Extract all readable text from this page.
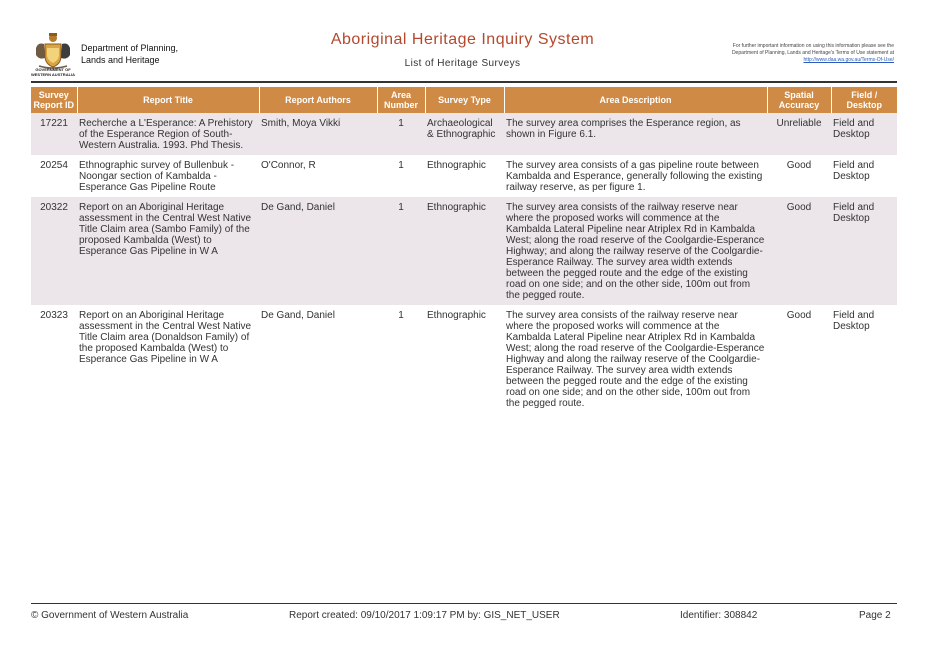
GOVERNMENT OF WESTERN AUSTRALIA
Department of Planning,
Lands and Heritage
Aboriginal Heritage Inquiry System
List of Heritage Surveys
For further important information on using this information please see the
Department of Planning, Lands and Heritage's Terms of Use statement at
http://www.daa.wa.gov.au/Terms-Of-Use/
Survey Report ID	Report Title	Report Authors	Area Number	Survey Type	Area Description	Spatial Accuracy	Field / Desktop
17221	Recherche a L'Esperance: A Prehistory of the Esperance Region of South-Western Australia. 1993. Phd Thesis.	Smith, Moya Vikki	1	Archaeological & Ethnographic	The survey area comprises the Esperance region, as shown in Figure 6.1.	Unreliable	Field and Desktop
20254	Ethnographic survey of Bullenbuk - Noongar section of Kambalda - Esperance Gas Pipeline Route	O'Connor, R	1	Ethnographic	The survey area consists of a gas pipeline route between Kambalda and Esperance, generally following the existing railway reserve, as per figure 1.	Good	Field and Desktop
20322	Report on an Aboriginal Heritage assessment in the Central West Native Title Claim area (Sambo Family) of the proposed Kambalda (West) to Esperance Gas Pipeline in W A	De Gand, Daniel	1	Ethnographic	The survey area consists of the railway reserve near where the proposed works will commence at the Kambalda Lateral Pipeline near Atriplex Rd in Kambalda West; along the road reserve of the Coolgardie-Esperance Highway; and along the railway reserve of the Coolgardie-Esperance Railway. The survey area width extends between the pegged route and the edge of the existing road on one side; and on the other side, 100m out from the pegged route.	Good	Field and Desktop
20323	Report on an Aboriginal Heritage assessment in the Central West Native Title Claim area (Donaldson Family) of the proposed Kambalda (West) to Esperance Gas Pipeline in W A	De Gand, Daniel	1	Ethnographic	The survey area consists of the railway reserve near where the proposed works will commence at the Kambalda Lateral Pipeline near Atriplex Rd in Kambalda West; along the road reserve of the Coolgardie-Esperance Highway and along the railway reserve of the Coolgardie-Esperance Railway. The survey area width extends between the pegged route and the edge of the existing road on one side; and on the other side, 100m out from the pegged route.	Good	Field and Desktop
© Government of Western Australia	Report created: 09/10/2017 1:09:17 PM by: GIS_NET_USER	Identifier: 308842	Page 2
